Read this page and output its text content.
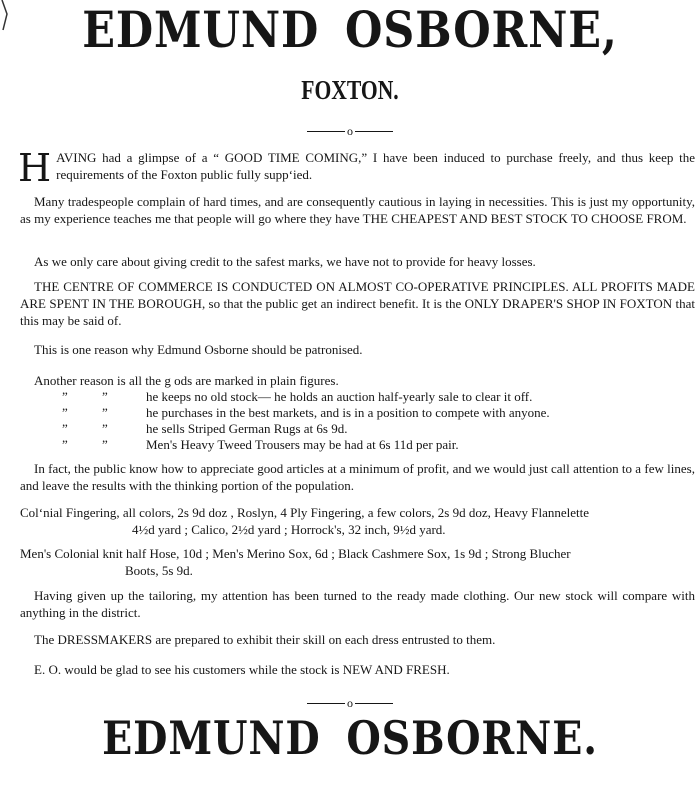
EDMUND OSBORNE,
FOXTON.
o
H AVING had a glimpse of a “ GOOD TIME COMING,” I have been induced to purchase freely, and thus keep the requirements of the Foxton public fully suppʻied.
Many tradespeople complain of hard times, and are consequently cautious in laying in necessities. This is just my opportunity, as my experience teaches me that people will go where they have THE CHEAPEST AND BEST STOCK TO CHOOSE FROM.
As we only care about giving credit to the safest marks, we have not to provide for heavy losses.
THE CENTRE OF COMMERCE IS CONDUCTED ON ALMOST CO-OPERATIVE PRINCIPLES. ALL PROFITS MADE ARE SPENT IN THE BOROUGH, so that the public get an indirect benefit. It is the ONLY DRAPER'S SHOP IN FOXTON that this may be said of.
This is one reason why Edmund Osborne should be patronised.
Another reason is all the g ods are marked in plain figures.
”	”	he keeps no old stock— he holds an auction half-yearly sale to clear it off.
”	”	he purchases in the best markets, and is in a position to compete with anyone.
”	”	he sells Striped German Rugs at 6s 9d.
”	”	Men's Heavy Tweed Trousers may be had at 6s 11d per pair.
In fact, the public know how to appreciate good articles at a minimum of profit, and we would just call attention to a few lines, and leave the results with the thinking portion of the population.
Colʻnial Fingering, all colors, 2s 9d doz , Roslyn, 4 Ply Fingering, a few colors, 2s 9d doz, Heavy Flannelette
4½d yard ; Calico, 2½d yard ; Horrock's, 32 inch, 9½d yard.
Men's Colonial knit half Hose, 10d ; Men's Merino Sox, 6d ; Black Cashmere Sox, 1s 9d ; Strong Blucher
Boots, 5s 9d.
Having given up the tailoring, my attention has been turned to the ready made clothing. Our new stock will compare with anything in the district.
The DRESSMAKERS are prepared to exhibit their skill on each dress entrusted to them.
E. O. would be glad to see his customers while the stock is NEW AND FRESH.
o
EDMUND OSBORNE.
